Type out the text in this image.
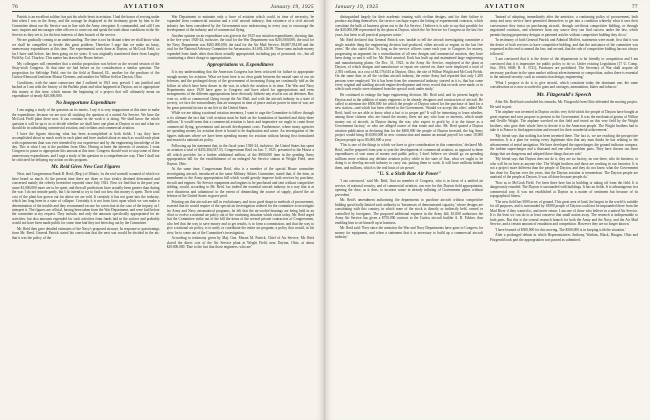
76	AVIATION	January 19, 1925
Patrick is an excellent soldier; has put his whole heart in aviation. I had the honor of serving under him when I was in the Army, and the courage he displayed in the testimony given by him to the Committee about our Air Service was in line with the Army viewpoint. It commanded, and still I am sure, inspires and encourages other officers to come out and speak the truth about conditions in the Air Service as they see it, for the best interests of their branch of the service.
We are gradually coming to an understanding. The time is not far distant when we shall know what we shall be compelled to decide this great problem. Therefore I urge that we make no hasty, unnecessary expenditures at this time. The experimental work done at Dayton, at McCook Field, so far I have said before, has been going on for years. It was originally transferred there from Langley Field by Col. Thurlow. This matter has drawn the House before.
My colleagues will remember that a similar proposition was before us the second session of the Sixty-sixth Congress. At that time we had before us for consideration a similar question. The proposition for Selfridge Field, one for the field at Bustard, Ill., another for the purchase of the Curtiss-Elmwood land near Mount Clemens, and another for Wilbur field at Dayton, Ohio.
Conditions, with the same contractors that I outlined in 1921 now prevail. I am justified and backed as I am with the history of the Buffalo plant and what happened at Dayton, not to appropriate this money at this time, which means the beginning of a project that will ultimately mean an expenditure of nearly $20,000,000.
No Inopportune Expenditure
I am urging a study of the question on its merits. I say it is very inopportune at this time to make the expenditure, because we are now all studying the question of a united Air Service. We have the McCook Field plant there now. It can continue in the work it is doing. We shall know the whole question it will be up to us to decide whether we shall have one plant at Dayton or not and what we should do in subsidizing commercial aviation, and civilians and commercial aviation.
I have the figures showing what has been accomplished at both fields. I say they have accomplished about as much work in each plant and have studied about as much as would each plant with experiments than was ever intended by our experience and by the engineering knowledge of the day. This is what I say is the problem from Ohio. Having at heart the interests of aviation, I want Congress to pause to appropriate this amount at this time. Congress should wait to stop some of these unnecessary expenditures, and I urge a study of the question in a comprehensive way. Then I shall not be criticized for delaying my action on this program.
Mr. Reid Gives New Cost Figures
Next, and Congressman Frank R. Reid, (Rep.) of Illinois, 'in the real warmth' scanned of which we have heard so much. At the present time there are three or four rivalry destined determined and concerned mainly the celerity heretofore reported since July 1923. Now we find that in the past year some $1,000,000 more are to be spent, and then all predictions have actually been greater than during the war. I do not intrude partly, but I do intend to try to find out how this money is spent. Their total cost of the plant has grown out far above we are told. It certainly it has not gone into the industry, which has long been in a state of collapse. Certainly it is not from facts upon which we can make a determination of the trouble and they recommend excuse for correction in the case of the inquiry, as I interpret it. The figures are official, having been taken from the War Department, and were laid before the committee at my request. They include, and only the amounts specifically appropriated for air activities, but also amounts expended for such activities from funds laid in the surface and probably would not have been made public for some time had they not been dug out by the Committee.
Mr. Reid then gave detailed estimates of the Navy's proposed airways. In response to questionings from Mr. Reed, General Patrick stated his conviction that the next war would be decided in the air; that it was the policy of the
War Department to maintain only a force of aviation which could, in time of necessity, be expanded from commercial aviation and a civil aircraft industry; that existence of a civil aircraft industry has been considered by the Government now endeavoring in every way to encourage the development of the industry and of commercial flying.
Another opinion on air expenditure was given in the 1925 war aviation expenditures, showing that, in the five years 1920-24, inclusive, the total for the War Department was $210,000,000, the total for the Navy Department was $265,000,000, the total for the Air Mail Service, $6,887,934.80 and the total for the National Advisory Committee for Aeronautics, $1,692,126.99. These sums include money expended from funds other than those actually appropriated, including pay of personnel, etc., but all constituting a direct charge to appropriations.
Appropriations vs. Expenditures
It is my understanding that the American Congress has been criticized for failure to appropriate enough money for aviation. What we have here is no clear guide between the mortal state of our air defenses, and the prolonged decay of the government of increasing flying are continually told as the dollars in which have been drawn in the war, in which the aviation is in time. The War and Navy Departments since 1920 have gone to Congress and have asked for appropriations and even arrangements of the different appropriations have obviously hitherto any rival in our air defenses. But, even so, with so commercial flying except the Air Mail, and with the aircraft industry in a state of poverty, we face the extraordinary that air transport in time of peace and air power in time of war, are the great potential factors in our life in the United States.
While we are taking a national aviation inventory, I want to urge the Committee to follow through to its ultimate the fact that 'civil aviation must be built on the foundation of hundred and thirty-three millions.' It would seem that a commercial aviation is basic and imperative we ought to count those commercial flying, government and aircraft development costs. Furthermore, where many agencies are spending money for aviation there is bound to be duplication and waste. An investigation of the figures indicates where we have been spending money for aviation without having first formulated and enacted a national air policy.
Following up his statement that, in the fiscal years 1920-24, inclusive, the United States has spent on aviation a total of $433,366,037.53, Congressman Reid on Jan. 7, 1925, presented to the House a bill which provides for a further additional million, of the $900,000 item in the pending Army appropriation bill for the establishment of an enlarged Air Service station at Wright Field, near Dayton, Ohio.
At the same time, Congressman Reid, who is a member of the special House committee investigating aircraft, introduced at the same Military Affairs Committee, stated that, if the item, as amendment to the Army appropriation bill which would greatly improve both services by purchase, aircraft and engines. Air Service equipment and engines to be purchased and sent without competitive bidding, would, according to Mr. Reid, 'tax indeed the essential aircraft industry in a way that is at once disastrous and calamitous' to the extent of diminishing the source of supply, placed the air defense of the United States in grave peril.
Pointing out that aircraft are still in evolutionary, and in no good shape to methods of procurement, asserted that he would require of the special air investigation ordered for the committee to investigate the Army and Navy aeronautical programs, he felt that the air-cooled hearings are being held in an effort to evolve a national air policy out of the confusing situation which exists today. Mr. Reid urged that the Committee strike out of the bill the items of the several private contractors of Congressmen, who feel that the way to save money and to get results, is to form a commission, and that the way to give a national air policy, is to unify or coordinate the entire air program, a policy that would, in his view, be to come out of the Committee's investigation.
According to testimony given by Maj. Gen. Mason M. Patrick, Chief of Air Service, Mr. Reid placed the direct cost of the Air Service plant at Wright Field, near Dayton, Ohio, at about $20,000,000. 'Due to the fact that those engineers, who are'
January 19, 1925	AVIATION	77
distinguished largely for their academic training with civilian designs, and for their failure to produce anything themselves, the service can hope expect the letting of experimental contracts, which constitute the bulk of business given out to the Air Service, I believe it is safe to say that possible for the $20,000,000 represented by the plant at Dayton, which the Air Service for Congress in the last five years, has been to all practical purposes waste.'
Mr. Reid declared that General Patrick was 'unable to tell the aircraft investigating committee a single notable thing the engineering division had produced, either aircraft or engine, in the last five years.' He also stated that 'As long as the service officers come each year to Congress for money, progressing an argument for a centralization of all new designs and commercial aviation, they have been doing so and it will be. Mr. Reid asserted. Each has built up and maintained large engineering and manufacturing plants. On Dec. 31, 1923, in the Army Air Service, employed at the plant at Dayton, of which designs and manufacture or repair are carried on, there were employed a total of 2,393 civilians, at a cost of $4,176,043 at Dayton, Ohio, the site of Wilbur Wright and McCook Fields. On the same date, in all the civilian aircraft industry, the entire Army had reported that only 1,200 persons were employed. Yet it has been from the commercial industry, starved as it is, that has come every original and startling aircraft engine development and every record that records were made, or in which such results were obtained from the special work under study.'
He continued to enlarge the huge engineering division, Mr. Reid said, and its present largely in Dayton and in the addition of many engineers to be already designers and constructors of aircraft. He called to attention the $500,000 for which the people of Dayton raised for the purchase of land for a new station—and which has been offered to the Government. 'Should we accept this offer,' added Mr. Reid, 'until we are able to know what a fact is to proper get? It will be interesting to learn whether, among these citizens who are found the money, there are any who loan or interests, which made money out of aircraft, in Dayton during the war, who expect to profit by it in the future as a Government factory,' or who are alleged owner of that estate and also. Mr. Reid quoted a Dayton aviation publication as declaring that for the $400,000 the people of Dayton invested, the big Army project would bring $10,000,000 in new construction and annum an annual payroll for some 10,000 Dayton people up to $5,000,000 a year.
'This is one of the things to which we have to give consideration in this connection,' declared Mr. Reid, 'and be prepared from year to year the development of commercial aviation, as opposed to these expenditures of vast sums of money and public policy. I don't believe we should go on spending millions more without any definite aviation policy while in the state of flux, what we ought to be doing is to develop aircraft industry to carry out, putting them to work. It will have millions behind them, and millions, which is the real basis of air power.'
"U. S. a Sixth Rate Air Power"
'I am convinced,' said Mr. Reid, 'that no member of Congress, who is in favor of a unified air service, of national security, and of commercial aviation, can vote for this Dayton field appropriation, opening the door, as it does, to increase waste in already inflating of Government plants without precedent.'
Mr. Reid's amendment authorizing the departments to purchase aircraft without competitive bidding specifically limited such authority to 'businesses of demonstrated capacity,' whose designs are constituting with this country, in which none of the stock is directly or indirectly held, owned or controlled by foreigners. The proposed additional expense in the Army bill, $1,000 authorizes the Army Air Service has given a $750,000 contract to the Curtiss aircraft builder A. D. Fokker, thus enabling him to set himself up in business.
Mr. Reid said: 'Ever since the armistice the War and Navy Departments have gone to Congress for money for equipment, and when a statement that it is necessary to build up a commercial aircraft industry.'
'Instead of adopting, immediately after the armistice, a continuing policy of procurement, both army and navy service have permitted themselves to get into a condition whereby what it sees their conversance they insist on purchasing aircraft, through cut-throat competitive bidding, or through negotiated contracts, and whenever from any source they can find success under the law, which permits buying proprietary designs or patented articles without competitive bidding they do so.'
'In testimony of both General Patrick and Admiral Moffett, statements were made, first that it was the desire of both services to have competitive bidding, and that the assistance of the committee was requested in this end to amend the law; and second, that the rule of competitive bidding has not always followed.'
'I am convinced that it is the desire of the departments to be friendly to competition and I am convinced that it is imperative for public policy to do so. Under existing Legislation (17 U. Comp. Stat. 1916, 6849; R. S. 3721), Purchases are prohibited. The Secretary of War shall acquire all necessary purchase in the open market without advertisements or competition, unless there is essential to the national security, such as construction design, engineering.'
'What I propose to do is to give aircraft, which constitute today the dominant one, the same consideration as is now accorded to guns and carriages, ammunition, butter and tobacco.'
Mr. Fitzgerald's Speech
After Mr. Reid had concluded his remarks, Mr. Fitzgerald from Ohio defended the moving project. He said in part:
'The airplane was invented in Dayton on this very field which the people of Dayton have bought at great expense and now propose to present to the Government. It was the mechanical genius of Wilbur and Orville Wright. The airplane wrecked on this field and tested on this very field by the Wright brothers, who gave their whole lives to devote it to the American people. The Wright brothers had to take it to France to find appreciation and reward for their wonderful achievement.'
'My friend says that nothing has been invented there. The fact is, we are reaching the prospective invention. It is a plan for testing every legitimate idea that any man thinks he has relating to the advancement of aerial navigation. We have developed the supercharger, the ground indicator compass, the turbine supercharger and a thousand and one other problem parts. They have thrown out these things that are dangerous and adopted these things that are safe.'
'My friend says that Dayton does not do it, they are no factory, no one there, who do business, or who will be on here as anyone else. The Wright brothers and those are working in our factories. It is not a project more different than the people of Dayton, and they do not know what the Government has done for Dayton over the years, that the Dayton aviation is tremendous. The Dayton people are unafraid of the people at Dayton. It was all done because people do.'
'Now as to McCook Field. I've been there here last in building or taking off from the field. It is dangerously rounded. The Dayton is surrounded with buildings. It has no fields. It is advantageous in a commercial way. It was not established at Dayton as a matter of sentiment but because of its topographical fitness.'
'The new field has 5000 acres of ground. This great area of land, the largest in the world is suitable for all purposes, and is surrounded by 18000 people of Dayton could not be impounded there from the Mad River if they wanted to, and never return. I am one of those who believe in a united Air Service. It is the least we can do to at least conserve that small nation away. The research is indispensable to both parts. But this is the central research branch for both the Army and the Navy, and the Air Mail Service, and a certain amount of emulation and competition. However they are no longer known.'
'I have learned of $500,000 for this moving. The $500,000 is in keeping with the situation.'
After a prolonged debate in which Representatives Anthony, Watkins, Black, Haugen, Ohio and Fitzgerald took part the appropriation was passed as submitted.
